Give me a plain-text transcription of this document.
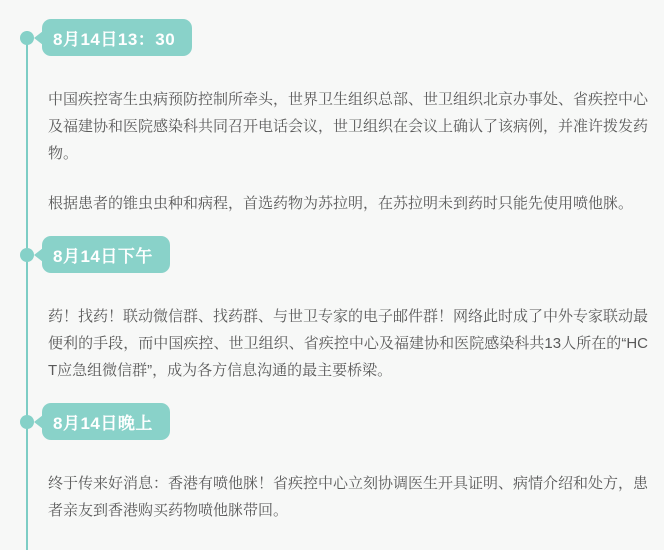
8月14日13：30

中国疾控寄生虫病预防控制所牵头，世界卫生组织总部、世卫组织北京办事处、省疾控中心及福建协和医院感染科共同召开电话会议，世卫组织在会议上确认了该病例，并准许拨发药物。

根据患者的锥虫虫种和病程，首选药物为苏拉明，在苏拉明未到药时只能先使用喷他脒。

8月14日下午

药！找药！联动微信群、找药群、与世卫专家的电子邮件群！网络此时成了中外专家联动最便利的手段，而中国疾控、世卫组织、省疾控中心及福建协和医院感染科共13人所在的“HCT应急组微信群”，成为各方信息沟通的最主要桥梁。

8月14日晚上

终于传来好消息：香港有喷他脒！省疾控中心立刻协调医生开具证明、病情介绍和处方，患者亲友到香港购买药物喷他脒带回。
